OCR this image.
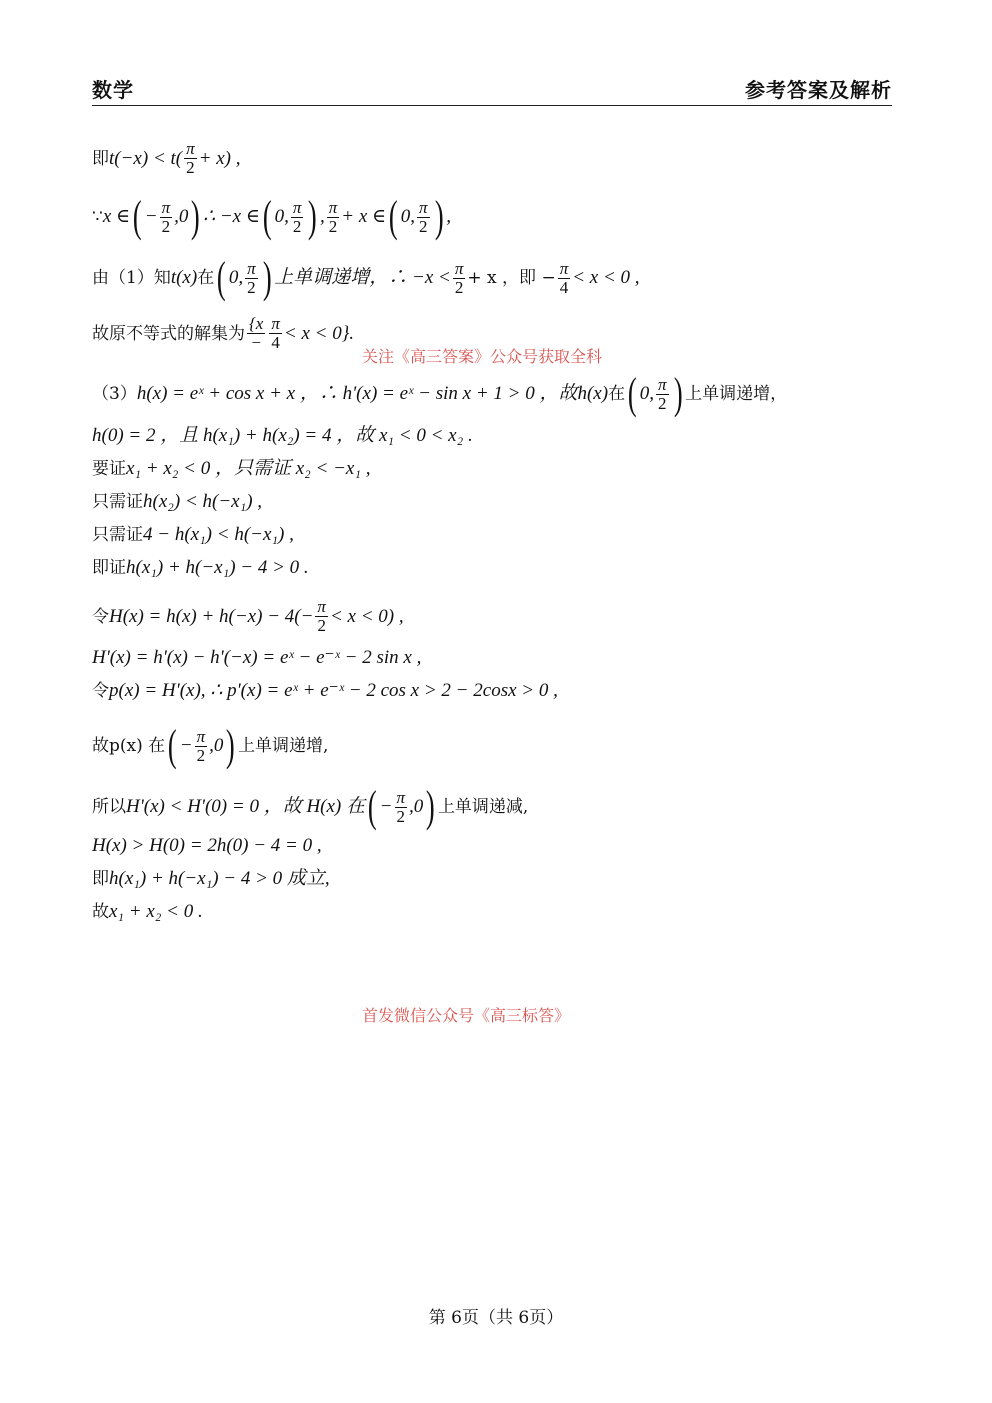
数学	参考答案及解析
即 $t(-x) < t( \frac{\pi}{2} + x)$ ,
∵ x ∈ ( − $\frac{\pi}{2} ,0$ ) ∴ −x ∈ ( 0, $\frac{\pi}{2}$ ) , $\frac{\pi}{2} + x$ ∈ ( 0, $\frac{\pi}{2}$ ) ,
由（1）知 t(x) 在 ( 0, $\frac{\pi}{2}$ ) 上单调递增，∴ $-x < \frac{\pi}{2} + x$ ，即 − $\frac{\pi}{4} < x < 0$ ,
故原不等式的解集为 $\frac{\{x}{-} \frac{\pi}{4} < x < 0$}.
（3） h(x) = eˣ + cos x + x ，∴ h'(x) = eˣ − sin x + 1 > 0 ，故 h(x) 在 ( 0, $\frac{\pi}{2}$ ) 上单调递增，
h(0) = 2 ，且 h(x₁) + h(x₂) = 4 ，故 x₁ < 0 < x₂ .
要证 x₁ + x₂ < 0 ，只需证 x₂ < −x₁ ,
只需证 h(x₂) < h(−x₁) ,
只需证 4 − h(x₁) < h(−x₁) ,
即证 h(x₁) + h(−x₁) − 4 > 0 .
令 $H(x) = h(x) + h(-x) - 4(- \frac{\pi}{2} < x < 0)$ ,
H'(x) = h'(x) − h'(−x) = eˣ − e⁻ˣ − 2 sin x ,
令 p(x) = H'(x), ∴ p'(x) = eˣ + e⁻ˣ − 2 cos x > 2 − 2cosx > 0 ,
故 p(x) 在 ( − $\frac{\pi}{2} ,0$ ) 上单调递增,
所以 H'(x) < H'(0) = 0 ，故 H(x) 在 ( − $\frac{\pi}{2} ,0$ ) 上单调递减,
H(x) > H(0) = 2h(0) − 4 = 0 ,
即 h(x₁) + h(−x₁) − 4 > 0 成立,
故 x₁ + x₂ < 0 .
关注《高三答案》公众号获取全科
首发微信公众号《高三标答》
第 6页（共 6页）
